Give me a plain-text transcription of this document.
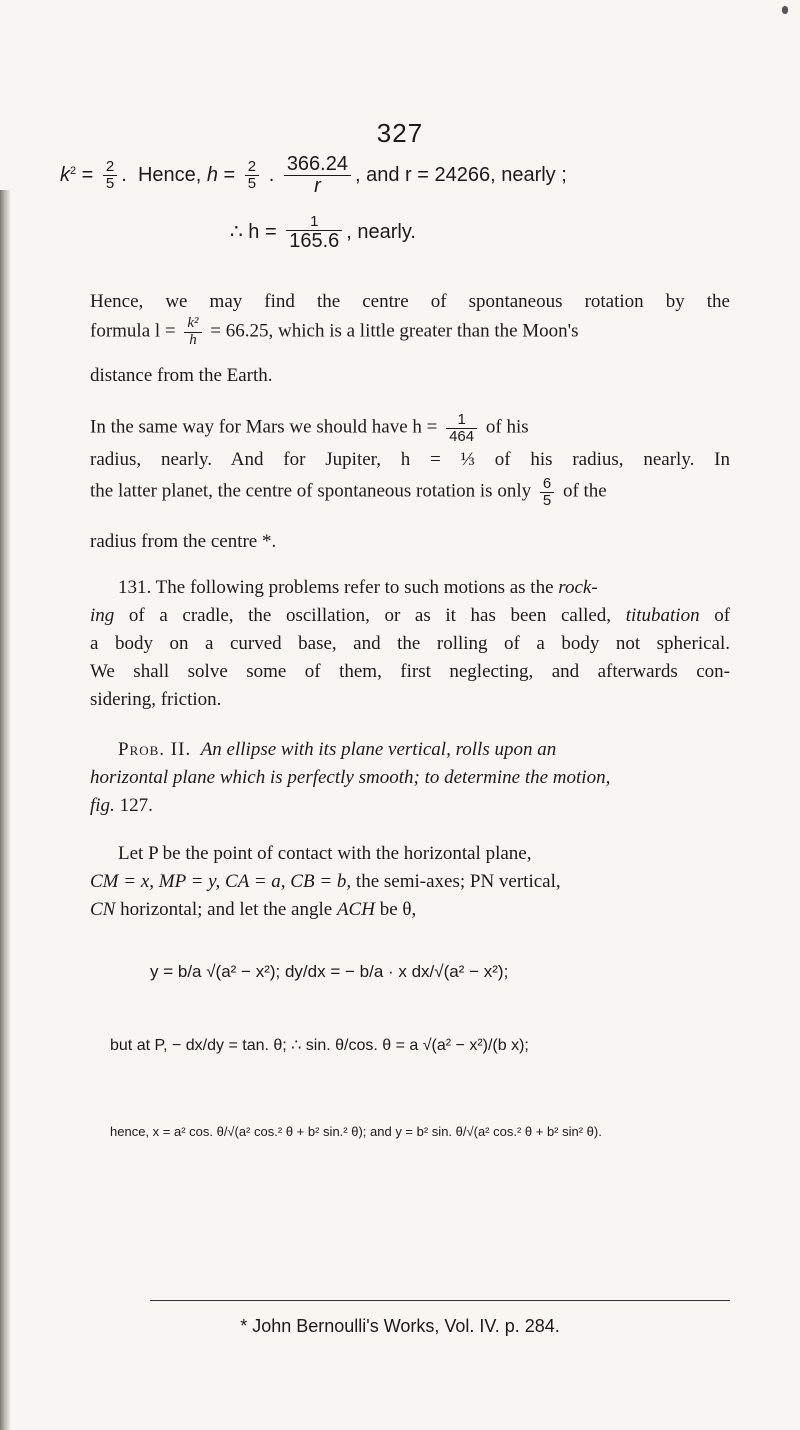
327
$k^2 = \frac{2}{5}$ .  Hence, $h = \frac{2}{5}$ . $\frac{366.24}{r}$ , and r = 24266, nearly ;
∴ $h = \frac{1}{165.6}$ , nearly.
Hence, we may find the centre of spontaneous rotation by the
formula $l = \frac{\text{k²}}{h} = 66.25$, which is a little greater than the Moon's
distance from the Earth.
In the same way for Mars we should have $h = \frac{1}{464}$ of his
radius, nearly. And for Jupiter, h = ⅓ of his radius, nearly. In
the latter planet, the centre of spontaneous rotation is only $\frac{6}{5}$ of the
radius from the centre *.
131. The following problems refer to such motions as the rock-
ing of a cradle, the oscillation, or as it has been called, titubation of
a body on a curved base, and the rolling of a body not spherical.
We shall solve some of them, first neglecting, and afterwards con-
sidering, friction.
Prob. II. An ellipse with its plane vertical, rolls upon an
horizontal plane which is perfectly smooth; to determine the motion,
fig. 127.
Let P be the point of contact with the horizontal plane,
CM = x, MP = y, CA = a, CB = b, the semi-axes; PN vertical,
CN horizontal; and let the angle ACH be θ,
y = b/a √(a² − x²); dy/dx = − b/a · x dx/√(a² − x²);
but at P, − dx/dy = tan. θ; ∴ sin. θ/cos. θ = a √(a² − x²)/(b x);
hence, x = a² cos. θ/√(a² cos.² θ + b² sin.² θ); and y = b² sin. θ/√(a² cos.² θ + b² sin² θ).
* John Bernoulli's Works, Vol. IV. p. 284.
